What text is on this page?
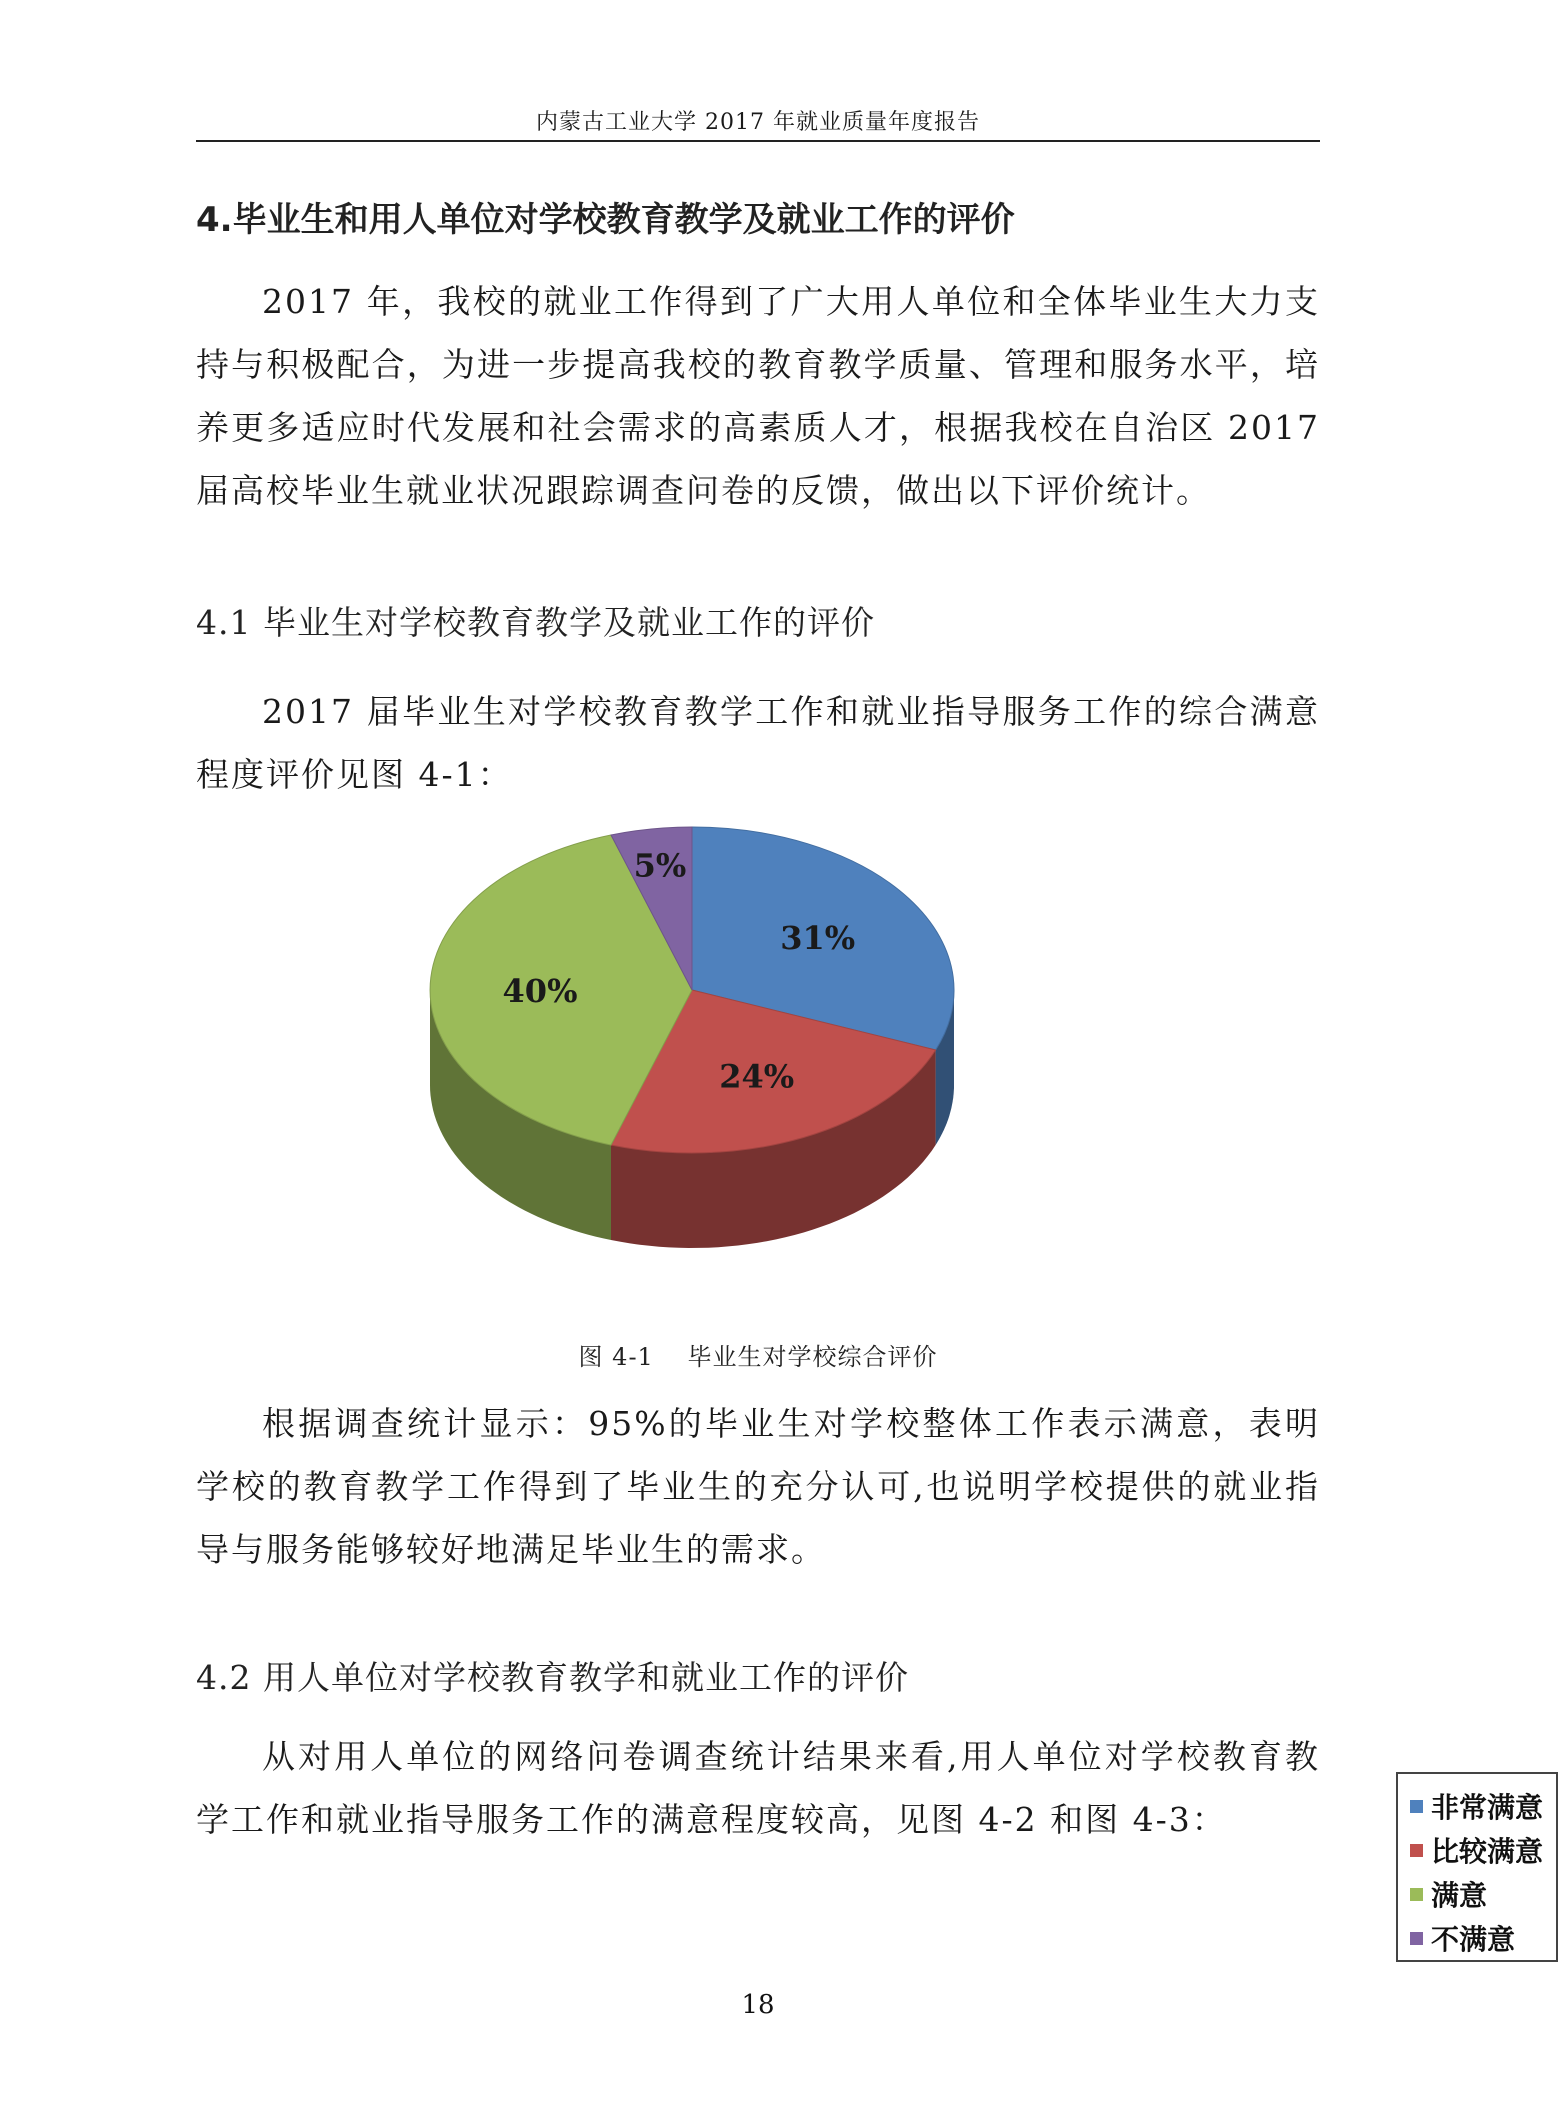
内蒙古工业大学 2017 年就业质量年度报告
4.毕业生和用人单位对学校教育教学及就业工作的评价

2017 年，我校的就业工作得到了广大用人单位和全体毕业生大力支持与积极配合，为进一步提高我校的教育教学质量、管理和服务水平，培养更多适应时代发展和社会需求的高素质人才，根据我校在自治区 2017 届高校毕业生就业状况跟踪调查问卷的反馈，做出以下评价统计。

4.1 毕业生对学校教育教学及就业工作的评价

2017 届毕业生对学校教育教学工作和就业指导服务工作的综合满意程度评价见图 4-1：

31%
24%
40%
5%
非常满意
比较满意
满意
不满意
图 4-1　 毕业生对学校综合评价

根据调查统计显示：95%的毕业生对学校整体工作表示满意，表明学校的教育教学工作得到了毕业生的充分认可,也说明学校提供的就业指导与服务能够较好地满足毕业生的需求。

4.2 用人单位对学校教育教学和就业工作的评价

从对用人单位的网络问卷调查统计结果来看,用人单位对学校教育教学工作和就业指导服务工作的满意程度较高，见图 4-2 和图 4-3：

18
